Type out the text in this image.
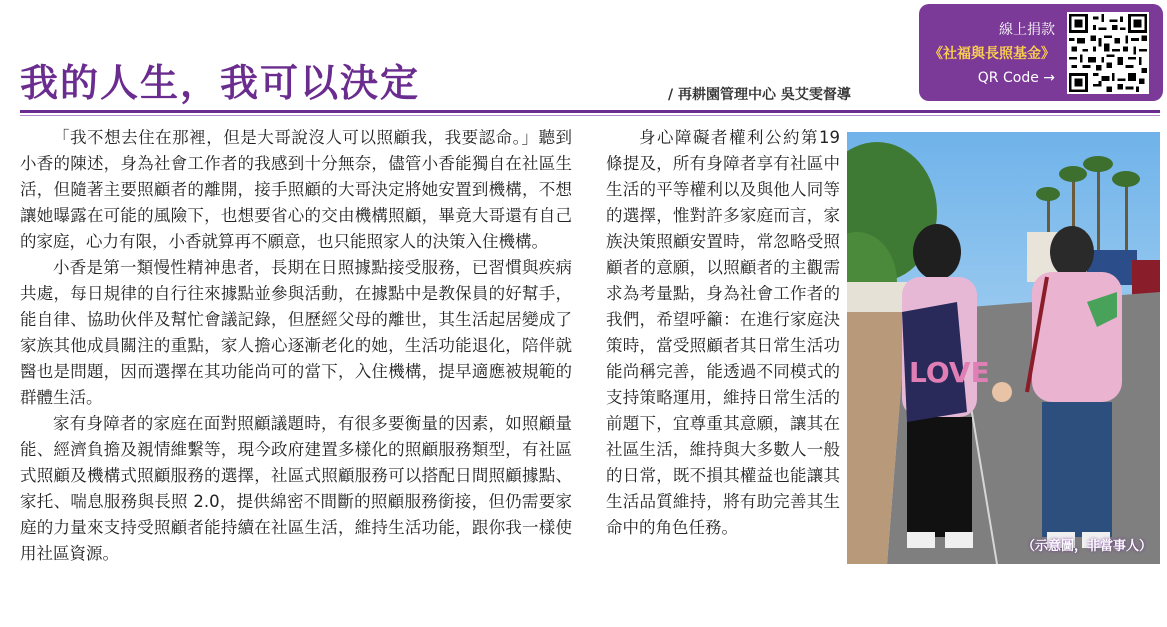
我的人生，我可以決定	/ 再耕園管理中心 吳艾雯督導
線上捐款
《社福與長照基金》
QR Code →

「我不想去住在那裡，但是大哥說沒人可以照顧我，我要認命。」聽到小香的陳述，身為社會工作者的我感到十分無奈，儘管小香能獨自在社區生活，但隨著主要照顧者的離開，接手照顧的大哥決定將她安置到機構，不想讓她曝露在可能的風險下，也想要省心的交由機構照顧，畢竟大哥還有自己的家庭，心力有限，小香就算再不願意，也只能照家人的決策入住機構。

小香是第一類慢性精神患者，長期在日照據點接受服務，已習慣與疾病共處，每日規律的自行往來據點並參與活動，在據點中是教保員的好幫手，能自律、協助伙伴及幫忙會議記錄，但歷經父母的離世，其生活起居變成了家族其他成員關注的重點，家人擔心逐漸老化的她，生活功能退化，陪伴就醫也是問題，因而選擇在其功能尚可的當下，入住機構，提早適應被規範的群體生活。

家有身障者的家庭在面對照顧議題時，有很多要衡量的因素，如照顧量能、經濟負擔及親情維繫等，現今政府建置多樣化的照顧服務類型，有社區式照顧及機構式照顧服務的選擇，社區式照顧服務可以搭配日間照顧據點、家托、喘息服務與長照 2.0，提供綿密不間斷的照顧服務銜接，但仍需要家庭的力量來支持受照顧者能持續在社區生活，維持生活功能，跟你我一樣使用社區資源。

身心障礙者權利公約第19條提及，所有身障者享有社區中生活的平等權利以及與他人同等的選擇，惟對許多家庭而言，家族決策照顧安置時，常忽略受照顧者的意願，以照顧者的主觀需求為考量點，身為社會工作者的我們，希望呼籲：在進行家庭決策時，當受照顧者其日常生活功能尚稱完善，能透過不同模式的支持策略運用，維持日常生活的前題下，宜尊重其意願，讓其在社區生活，維持與大多數人一般的日常，既不損其權益也能讓其生活品質維持，將有助完善其生命中的角色任務。

LOVE
（示意圖，非當事人）
